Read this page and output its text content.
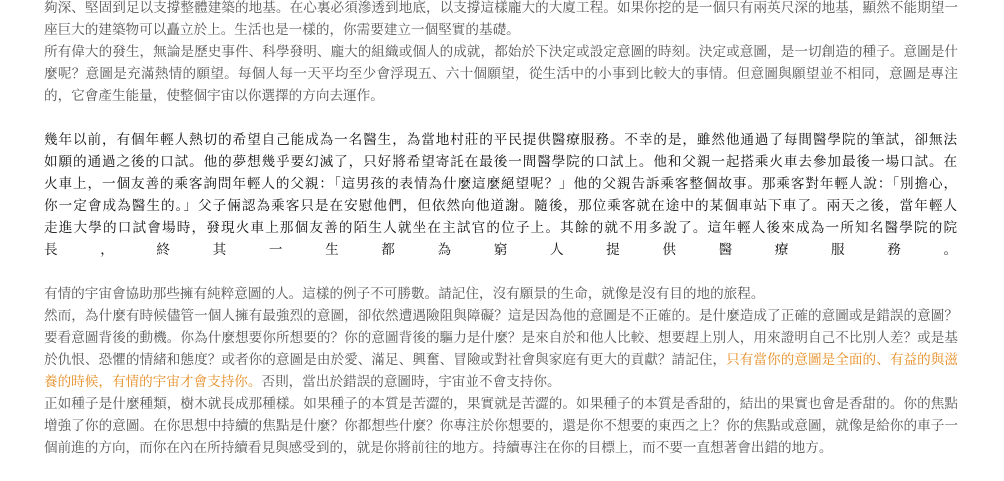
夠深、堅固到足以支撐整體建築的地基。在心裏必須滲透到地底，以支撐這樣龐大的大廈工程。如果你挖的是一個只有兩英尺深的地基，顯然不能期望一座巨大的建築物可以矗立於上。生活也是一樣的，你需要建立一個堅實的基礎。

所有偉大的發生，無論是歷史事件、科學發明、龐大的組織或個人的成就，都始於下決定或設定意圖的時刻。決定或意圖，是一切創造的種子。意圖是什麼呢？意圖是充滿熱情的願望。每個人每一天平均至少會浮現五、六十個願望，從生活中的小事到比較大的事情。但意圖與願望並不相同，意圖是專注的，它會產生能量，使整個宇宙以你選擇的方向去運作。

幾年以前，有個年輕人熱切的希望自己能成為一名醫生，為當地村莊的平民提供醫療服務。不幸的是，雖然他通過了每間醫學院的筆試，卻無法如願的通過之後的口試。他的夢想幾乎要幻滅了，只好將希望寄託在最後一間醫學院的口試上。他和父親一起搭乘火車去參加最後一場口試。在火車上，一個友善的乘客詢問年輕人的父親：「這男孩的表情為什麼這麼絕望呢？」他的父親告訴乘客整個故事。那乘客對年輕人說：「別擔心，你一定會成為醫生的。」父子倆認為乘客只是在安慰他們，但依然向他道謝。隨後，那位乘客就在途中的某個車站下車了。兩天之後，當年輕人走進大學的口試會場時，發現火車上那個友善的陌生人就坐在主試官的位子上。其餘的就不用多說了。這年輕人後來成為一所知名醫學院的院長，終其一生都為窮人提供醫療服務。

有情的宇宙會協助那些擁有純粹意圖的人。這樣的例子不可勝數。請記住，沒有願景的生命，就像是沒有目的地的旅程。

然而，為什麼有時候儘管一個人擁有最強烈的意圖，卻依然遭遇險阻與障礙？這是因為他的意圖是不正確的。是什麼造成了正確的意圖或是錯誤的意圖？要看意圖背後的動機。你為什麼想要你所想要的？你的意圖背後的驅力是什麼？是來自於和他人比較、想要趕上別人，用來證明自己不比別人差？或是基於仇恨、恐懼的情緒和態度？或者你的意圖是由於愛、滿足、興奮、冒險或對社會與家庭有更大的貢獻？請記住，只有當你的意圖是全面的、有益的與滋養的時候，有情的宇宙才會支持你。否則，當出於錯誤的意圖時，宇宙並不會支持你。

正如種子是什麼種類，樹木就長成那種樣。如果種子的本質是苦澀的，果實就是苦澀的。如果種子的本質是香甜的，結出的果實也會是香甜的。你的焦點增強了你的意圖。在你思想中持續的焦點是什麼？你都想些什麼？你專注於你想要的，還是你不想要的東西之上？你的焦點或意圖，就像是給你的車子一個前進的方向，而你在內在所持續看見與感受到的，就是你將前往的地方。持續專注在你的目標上，而不要一直想著會出錯的地方。
